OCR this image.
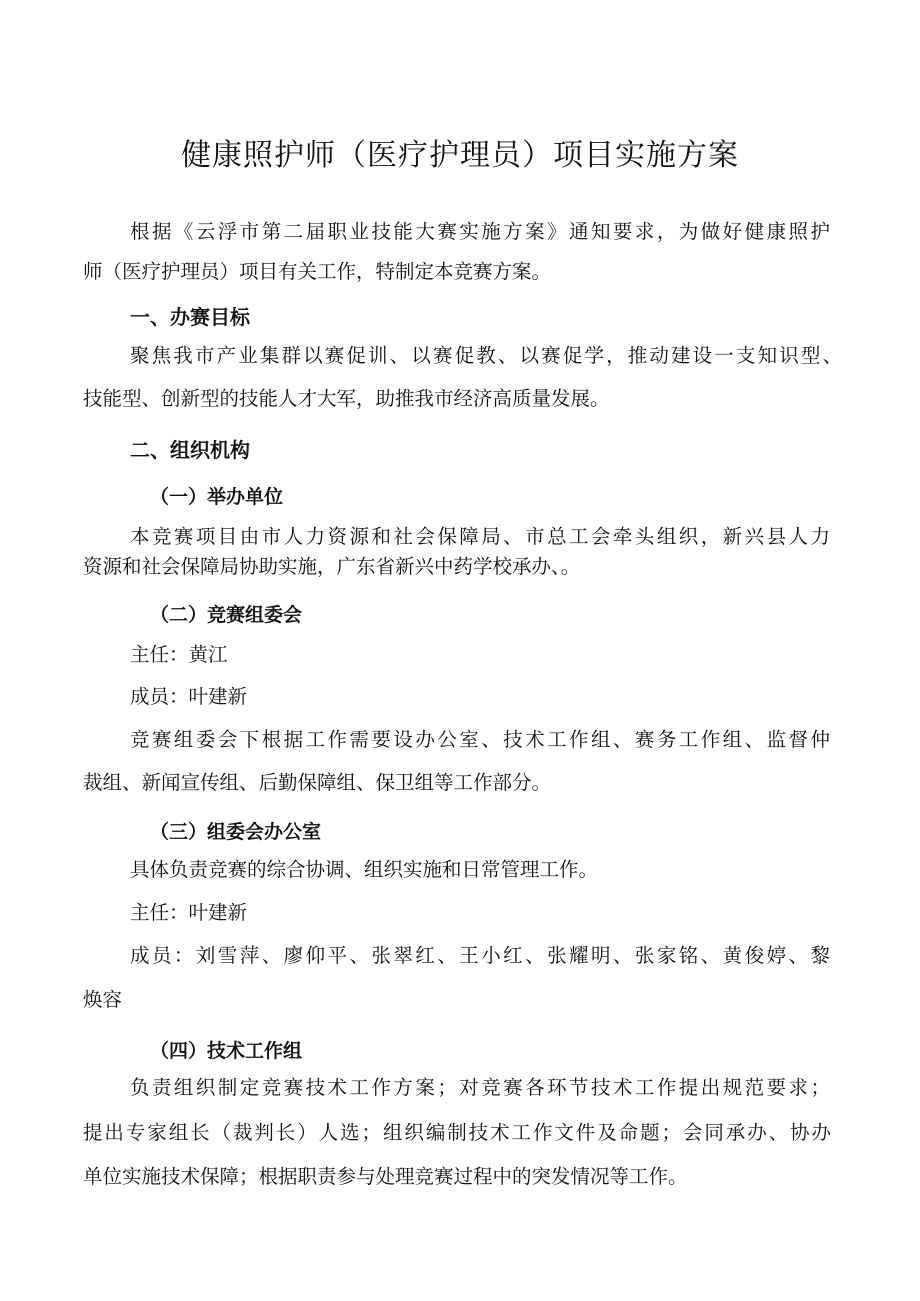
健康照护师（医疗护理员）项目实施方案
根据《云浮市第二届职业技能大赛实施方案》通知要求，为做好健康照护
师（医疗护理员）项目有关工作，特制定本竞赛方案。
一、办赛目标
聚焦我市产业集群以赛促训、以赛促教、以赛促学，推动建设一支知识型、
技能型、创新型的技能人才大军，助推我市经济高质量发展。
二、组织机构
（一）举办单位
本竞赛项目由市人力资源和社会保障局、市总工会牵头组织，新兴县人力
资源和社会保障局协助实施，广东省新兴中药学校承办、。
（二）竞赛组委会
主任：黄江
成员：叶建新
竞赛组委会下根据工作需要设办公室、技术工作组、赛务工作组、监督仲
裁组、新闻宣传组、后勤保障组、保卫组等工作部分。
（三）组委会办公室
具体负责竞赛的综合协调、组织实施和日常管理工作。
主任：叶建新
成员：刘雪萍、廖仰平、张翠红、王小红、张耀明、张家铭、黄俊婷、黎
焕容
（四）技术工作组
负责组织制定竞赛技术工作方案；对竞赛各环节技术工作提出规范要求；
提出专家组长（裁判长）人选；组织编制技术工作文件及命题；会同承办、协办
单位实施技术保障；根据职责参与处理竞赛过程中的突发情况等工作。
